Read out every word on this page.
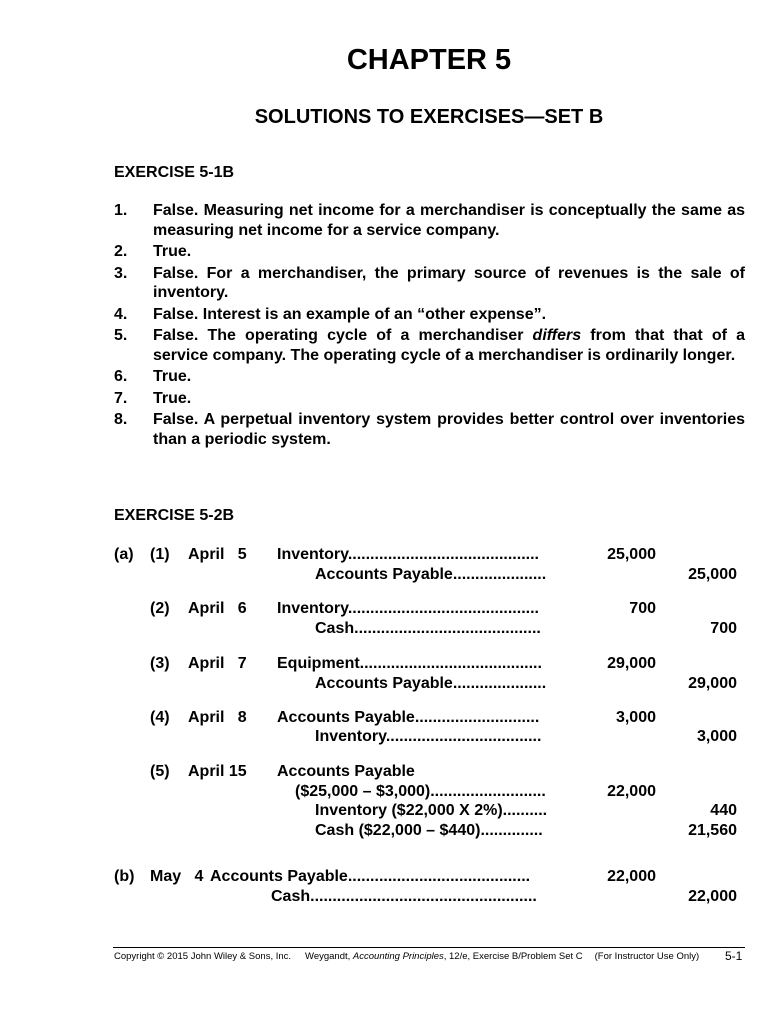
CHAPTER 5
SOLUTIONS TO EXERCISES—SET B
EXERCISE 5-1B
1.	False. Measuring net income for a merchandiser is conceptually the same as measuring net income for a service company.
2.	True.
3.	False. For a merchandiser, the primary source of revenues is the sale of inventory.
4.	False. Interest is an example of an “other expense”.
5.	False. The operating cycle of a merchandiser differs from that that of a service company. The operating cycle of a merchandiser is ordinarily longer.
6.	True.
7.	True.
8.	False. A perpetual inventory system provides better control over inventories than a periodic system.
EXERCISE 5-2B
(a) (1) April   5 Inventory...........................................	25,000
Accounts Payable.....................	25,000
(2) April   6 Inventory...........................................	700
Cash..........................................	700
(3) April   7 Equipment.........................................	29,000
Accounts Payable.....................	29,000
(4) April   8 Accounts Payable............................	3,000
Inventory...................................	3,000
(5) April 15 Accounts Payable
($25,000 – $3,000)..........................	22,000
Inventory ($22,000 X 2%)..........	440
Cash ($22,000 – $440)..............	21,560
(b) May   4 Accounts Payable.........................................	22,000
Cash...................................................	22,000
Copyright © 2015 John Wiley & Sons, Inc. Weygandt, Accounting Principles, 12/e, Exercise B/Problem Set C (For Instructor Use Only) 5-1
